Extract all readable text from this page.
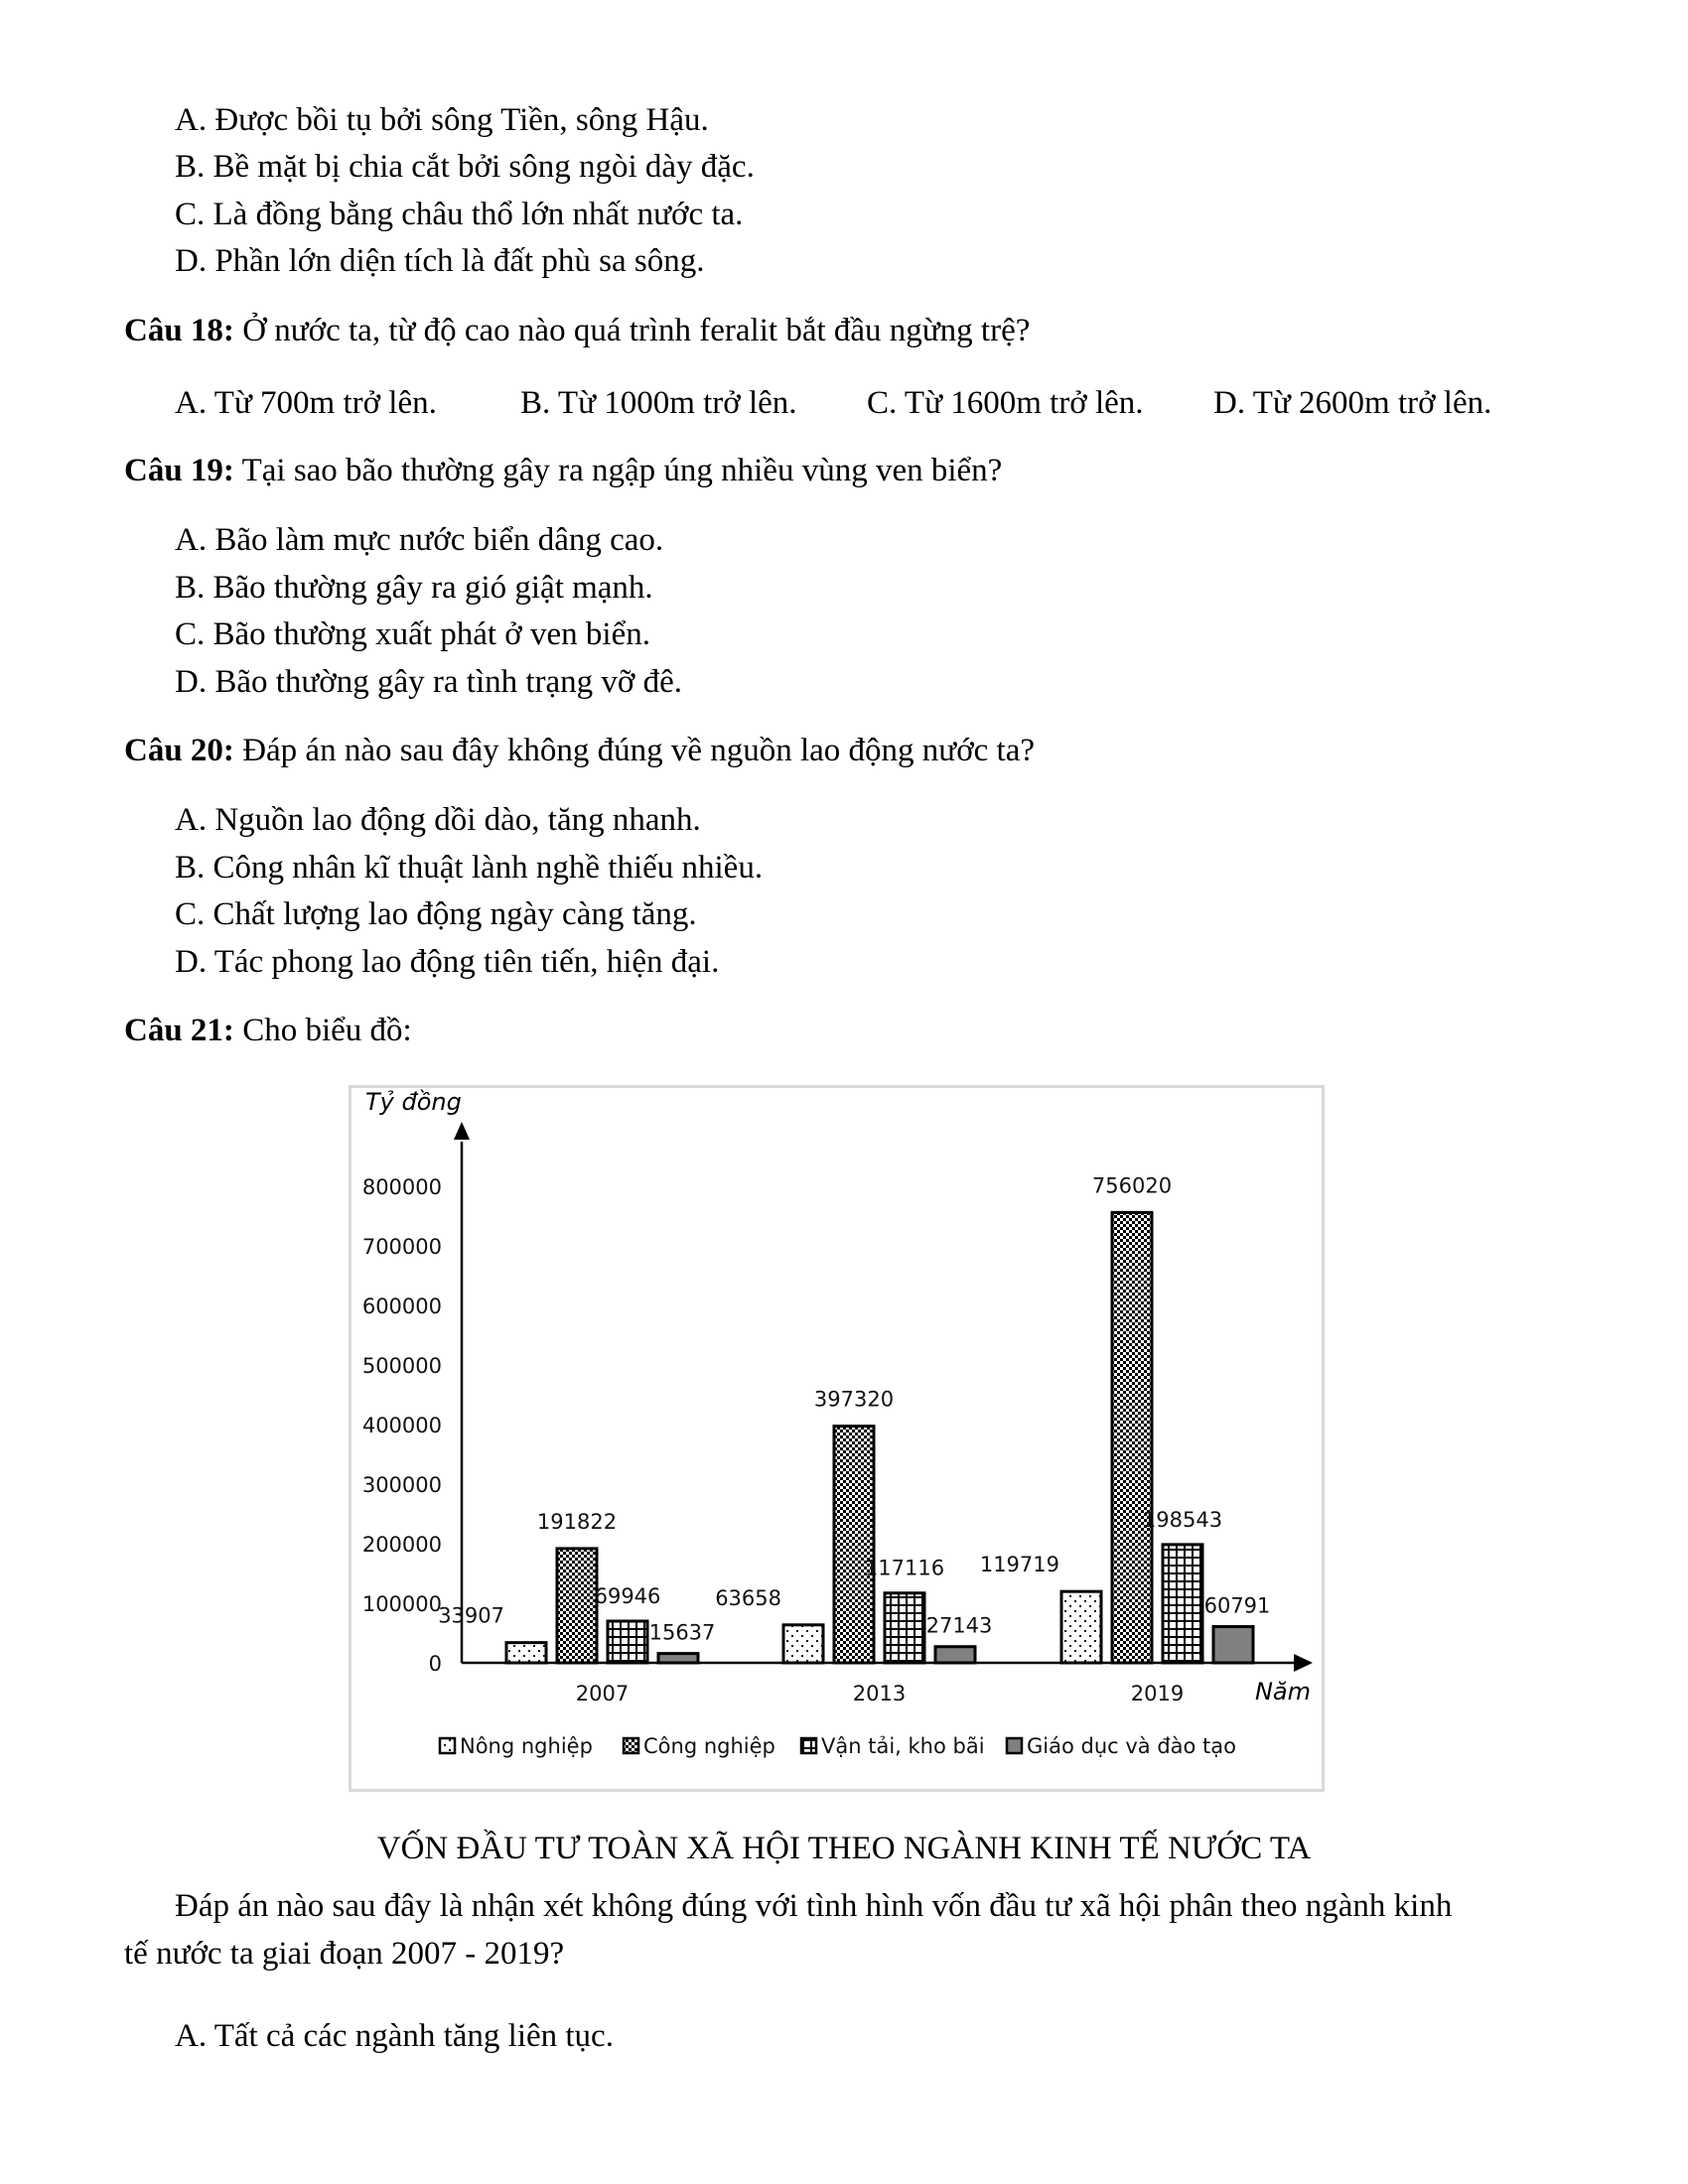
A. Được bồi tụ bởi sông Tiền, sông Hậu.
B. Bề mặt bị chia cắt bởi sông ngòi dày đặc.
C. Là đồng bằng châu thổ lớn nhất nước ta.
D. Phần lớn diện tích là đất phù sa sông.
Câu 18: Ở nước ta, từ độ cao nào quá trình feralit bắt đầu ngừng trệ?
A. Từ 700m trở lên.	B. Từ 1000m trở lên. C. Từ 1600m trở lên. D. Từ 2600m trở lên.
Câu 19: Tại sao bão thường gây ra ngập úng nhiều vùng ven biển?
A. Bão làm mực nước biển dâng cao.
B. Bão thường gây ra gió giật mạnh.
C. Bão thường xuất phát ở ven biển.
D. Bão thường gây ra tình trạng vỡ đê.
Câu 20: Đáp án nào sau đây không đúng về nguồn lao động nước ta?
A. Nguồn lao động dồi dào, tăng nhanh.
B. Công nhân kĩ thuật lành nghề thiếu nhiều.
C. Chất lượng lao động ngày càng tăng.
D. Tác phong lao động tiên tiến, hiện đại.
Câu 21: Cho biểu đồ:
Tỷ đồng
Năm
0
100000
200000
300000
400000
500000
600000
700000
800000
33907
191822
69946
15637
2007
63658
397320
117116
27143
2013
119719
756020
198543
60791
2019
Nông nghiệp Công nghiệp Vận tải, kho bãi Giáo dục và đào tạo
VỐN ĐẦU TƯ TOÀN XÃ HỘI THEO NGÀNH KINH TẾ NƯỚC TA
Đáp án nào sau đây là nhận xét không đúng với tình hình vốn đầu tư xã hội phân theo ngành kinh
tế nước ta giai đoạn 2007 - 2019?
A. Tất cả các ngành tăng liên tục.
